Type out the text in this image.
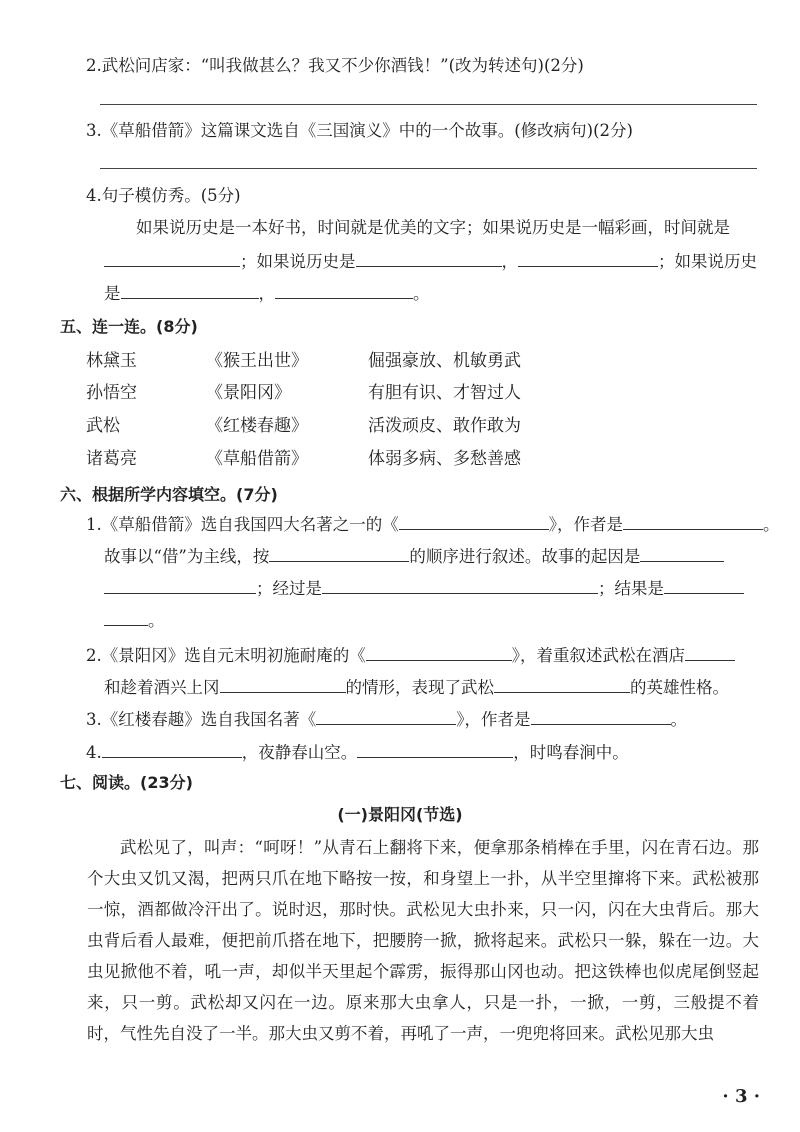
2.武松问店家：“叫我做甚么？我又不少你酒钱！”(改为转述句)(2分)
3.《草船借箭》这篇课文选自《三国演义》中的一个故事。(修改病句)(2分)
4.句子模仿秀。(5分)
如果说历史是一本好书，时间就是优美的文字；如果说历史是一幅彩画，时间就是
；如果说历史是	，	；如果说历史
是	，	。
五、连一连。(8分)
林黛玉	《猴王出世》	倔强豪放、机敏勇武
孙悟空	《景阳冈》	有胆有识、才智过人
武松	《红楼春趣》	活泼顽皮、敢作敢为
诸葛亮	《草船借箭》	体弱多病、多愁善感
六、根据所学内容填空。(7分)
1.《草船借箭》选自我国四大名著之一的《	》，作者是	。
故事以“借”为主线，按	的顺序进行叙述。故事的起因是
；经过是	；结果是
。
2.《景阳冈》选自元末明初施耐庵的《	》，着重叙述武松在酒店
和趁着酒兴上冈	的情形，表现了武松	的英雄性格。
3.《红楼春趣》选自我国名著《	》，作者是	。
4.	，夜静春山空。	，时鸣春涧中。
七、阅读。(23分)
(一)景阳冈(节选)
武松见了，叫声：“呵呀！”从青石上翻将下来，便拿那条梢棒在手里，闪在青石边。那个大虫又饥又渴，把两只爪在地下略按一按，和身望上一扑，从半空里撺将下来。武松被那一惊，酒都做冷汗出了。说时迟，那时快。武松见大虫扑来，只一闪，闪在大虫背后。那大虫背后看人最难，便把前爪搭在地下，把腰胯一掀，掀将起来。武松只一躲，躲在一边。大虫见掀他不着，吼一声，却似半天里起个霹雳，振得那山冈也动。把这铁棒也似虎尾倒竖起来，只一剪。武松却又闪在一边。原来那大虫拿人，只是一扑，一掀，一剪，三般提不着时，气性先自没了一半。那大虫又剪不着，再吼了一声，一兜兜将回来。武松见那大虫
· 3 ·
